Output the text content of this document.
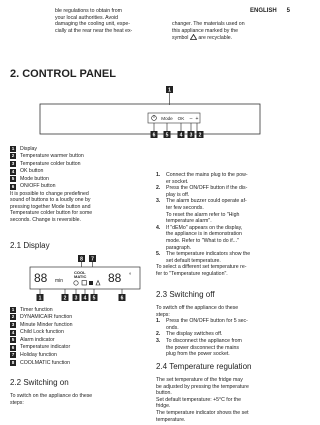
ENGLISH 5
ble regulations to obtain from
your local authorities. Avoid
damaging the cooling unit, espe-
cially at the rear near the heat ex-
changer. The materials used on
this appliance marked by the
symbol are recyclable.
2. CONTROL PANEL
1
Mode OK – +
6 5 4 3 2
1	Display
2	Temperature warmer button
3	Temperature colder button
4	OK button
5	Mode button
6	ON/OFF button
It is possible to change predefined
sound of buttons to a loudly one by
pressing together Mode button and
Temperature colder button for some
seconds. Change is reversible.
2.1 Display
8 7
88 min
COOL
MATIC 88 °
1	2 3 4 5	6
1	Timer function
2	DYNAMICAIR function
3	Minute Minder function
4	Child Lock function
5	Alarm indicator
6	Temperature indicator
7	Holiday function
8	COOLMATIC function
2.2 Switching on
To switch on the appliance do these
steps:
1.	Connect the mains plug to the pow-
er socket.
2.	Press the ON/OFF button if the dis-
play is off.
3.	The alarm buzzer could operate af-
ter few seconds.
To reset the alarm refer to "High
temperature alarm".
4.	If "dEMo" appears on the display,
the appliance is in demonstration
mode. Refer to "What to do if..."
paragraph.
5.	The temperature indicators show the
set default temperature.
To select a different set temperature re-
fer to "Temperature regulation".
2.3 Switching off
To switch off the appliance do these
steps:
1.	Press the ON/OFF button for 5 sec-
onds.
2.	The display switches off.
3.	To disconnect the appliance from
the power disconnect the mains
plug from the power socket.
2.4 Temperature regulation
The set temperature of the fridge may
be adjusted by pressing the temperature
button.
Set default temperature: +5°C for the
fridge.
The temperature indicator shows the set
temperature.
